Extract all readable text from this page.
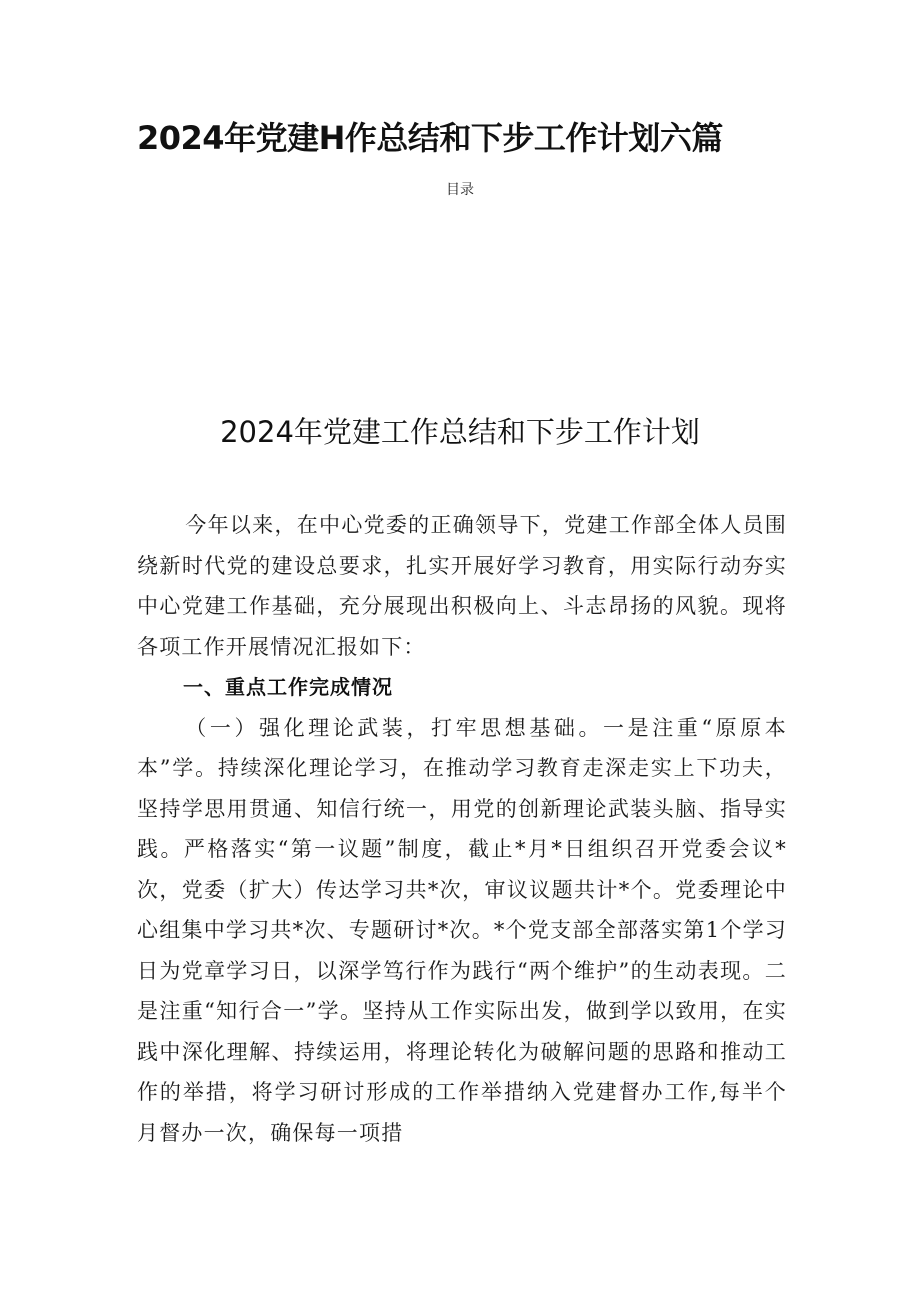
2024年党建H作总结和下步工作计划六篇
目录
2024年党建工作总结和下步工作计划

今年以来，在中心党委的正确领导下，党建工作部全体人员围绕新时代党的建设总要求，扎实开展好学习教育，用实际行动夯实中心党建工作基础，充分展现出积极向上、斗志昂扬的风貌。现将各项工作开展情况汇报如下：

一、重点工作完成情况

（一）强化理论武装，打牢思想基础。一是注重“原原本本”学。持续深化理论学习，在推动学习教育走深走实上下功夫，坚持学思用贯通、知信行统一，用党的创新理论武装头脑、指导实践。严格落实“第一议题”制度，截止*月*日组织召开党委会议*次，党委（扩大）传达学习共*次，审议议题共计*个。党委理论中心组集中学习共*次、专题研讨*次。*个党支部全部落实第1个学习日为党章学习日，以深学笃行作为践行“两个维护”的生动表现。二是注重“知行合一”学。坚持从工作实际出发，做到学以致用，在实践中深化理解、持续运用，将理论转化为破解问题的思路和推动工作的举措，将学习研讨形成的工作举措纳入党建督办工作,每半个月督办一次，确保每一项措
